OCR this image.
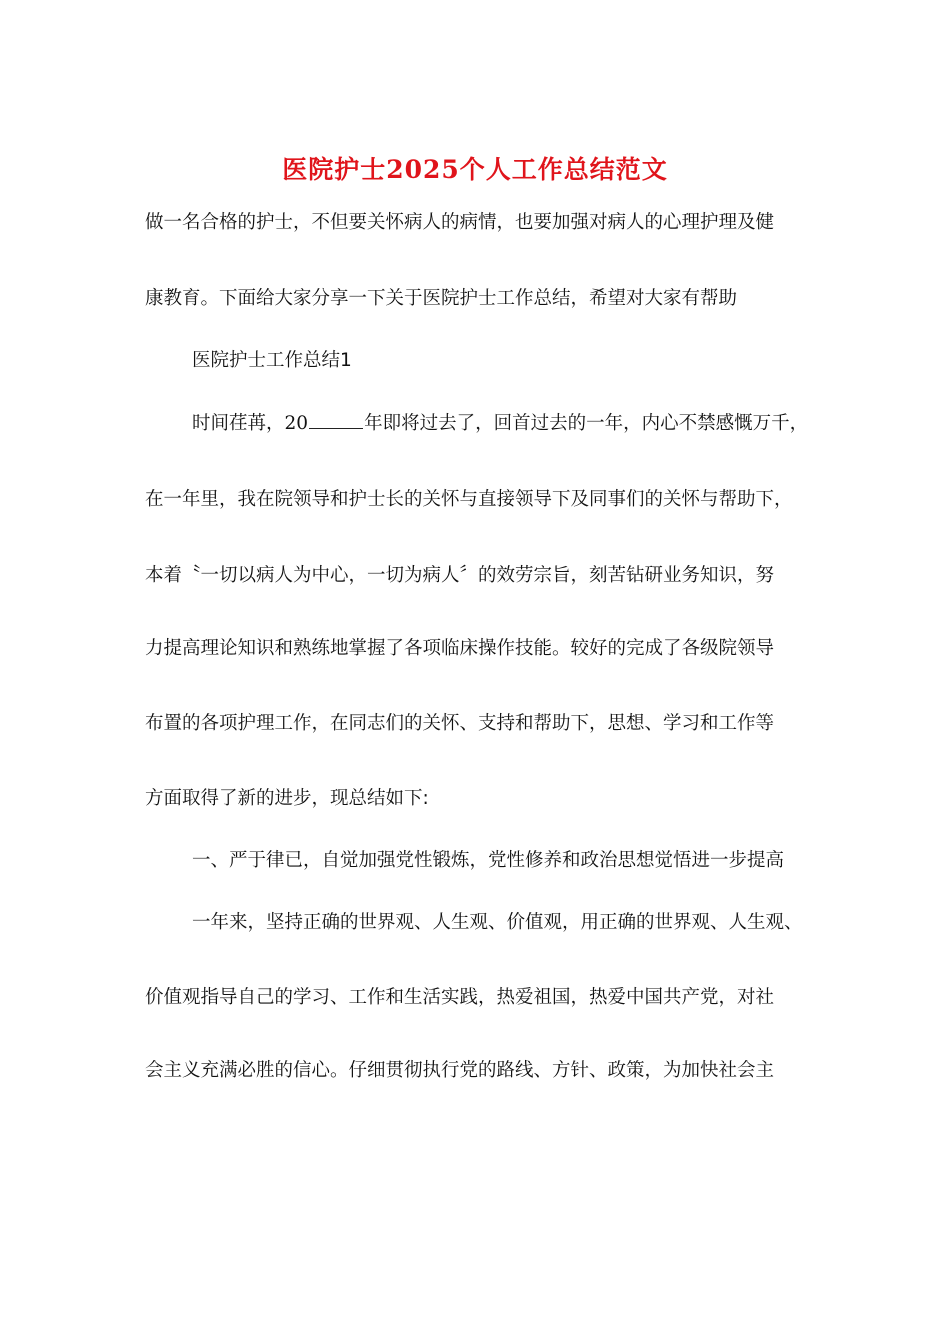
医院护士2025个人工作总结范文
做一名合格的护士，不但要关怀病人的病情，也要加强对病人的心理护理及健
康教育。下面给大家分享一下关于医院护士工作总结，希望对大家有帮助
医院护士工作总结1
时间荏苒，20	年即将过去了，回首过去的一年，内心不禁感慨万千，
在一年里，我在院领导和护士长的关怀与直接领导下及同事们的关怀与帮助下，
本着〝一切以病人为中心，一切为病人〞的效劳宗旨，刻苦钻研业务知识，努
力提高理论知识和熟练地掌握了各项临床操作技能。较好的完成了各级院领导
布置的各项护理工作，在同志们的关怀、支持和帮助下，思想、学习和工作等
方面取得了新的进步，现总结如下:
一、严于律已，自觉加强党性锻炼，党性修养和政治思想觉悟进一步提高
一年来，坚持正确的世界观、人生观、价值观，用正确的世界观、人生观、
价值观指导自己的学习、工作和生活实践，热爱祖国，热爱中国共产党，对社
会主义充满必胜的信心。仔细贯彻执行党的路线、方针、政策，为加快社会主
